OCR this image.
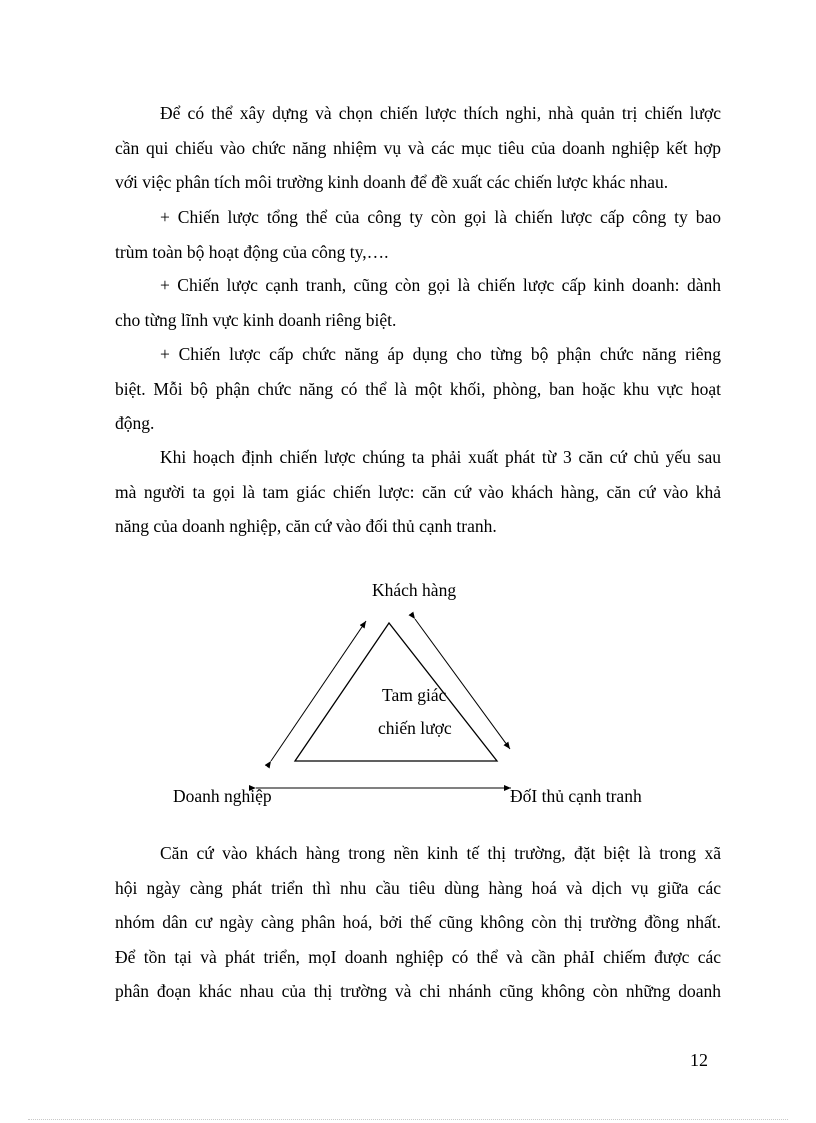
Để có thể xây dựng và chọn chiến lược thích nghi, nhà quản trị chiến lược
cần qui chiếu vào chức năng nhiệm vụ và các mục tiêu của doanh nghiệp kết hợp
với việc phân tích môi trường kinh doanh để đề xuất các chiến lược khác nhau.
+ Chiến lược tổng thể của công ty còn gọi là chiến lược cấp công ty bao
trùm toàn bộ hoạt động của công ty,….
+ Chiến lược cạnh tranh, cũng còn gọi là chiến lược cấp kinh doanh: dành
cho từng lĩnh vực kinh doanh riêng biệt.
+ Chiến lược cấp chức năng áp dụng cho từng bộ phận chức năng riêng
biệt. Mỗi bộ phận chức năng có thể là một khối, phòng, ban hoặc khu vực hoạt
động.
Khi hoạch định chiến lược chúng ta phải xuất phát từ 3 căn cứ chủ yếu sau
mà người ta gọi là tam giác chiến lược: căn cứ vào khách hàng, căn cứ vào khả
năng của doanh nghiệp, căn cứ vào đối thủ cạnh tranh.
Khách hàng
Tam giác
chiến lược
Doanh nghiệp	ĐốI thủ cạnh tranh
Căn cứ vào khách hàng trong nền kinh tế thị trường, đặt biệt là trong xã
hội ngày càng phát triển thì nhu cầu tiêu dùng hàng hoá và dịch vụ giữa các
nhóm dân cư ngày càng phân hoá, bởi thế cũng không còn thị trường đồng nhất.
Để tồn tại và phát triển, mọI doanh nghiệp có thể và cần phảI chiếm được các
phân đoạn khác nhau của thị trường và chi nhánh cũng không còn những doanh
12
